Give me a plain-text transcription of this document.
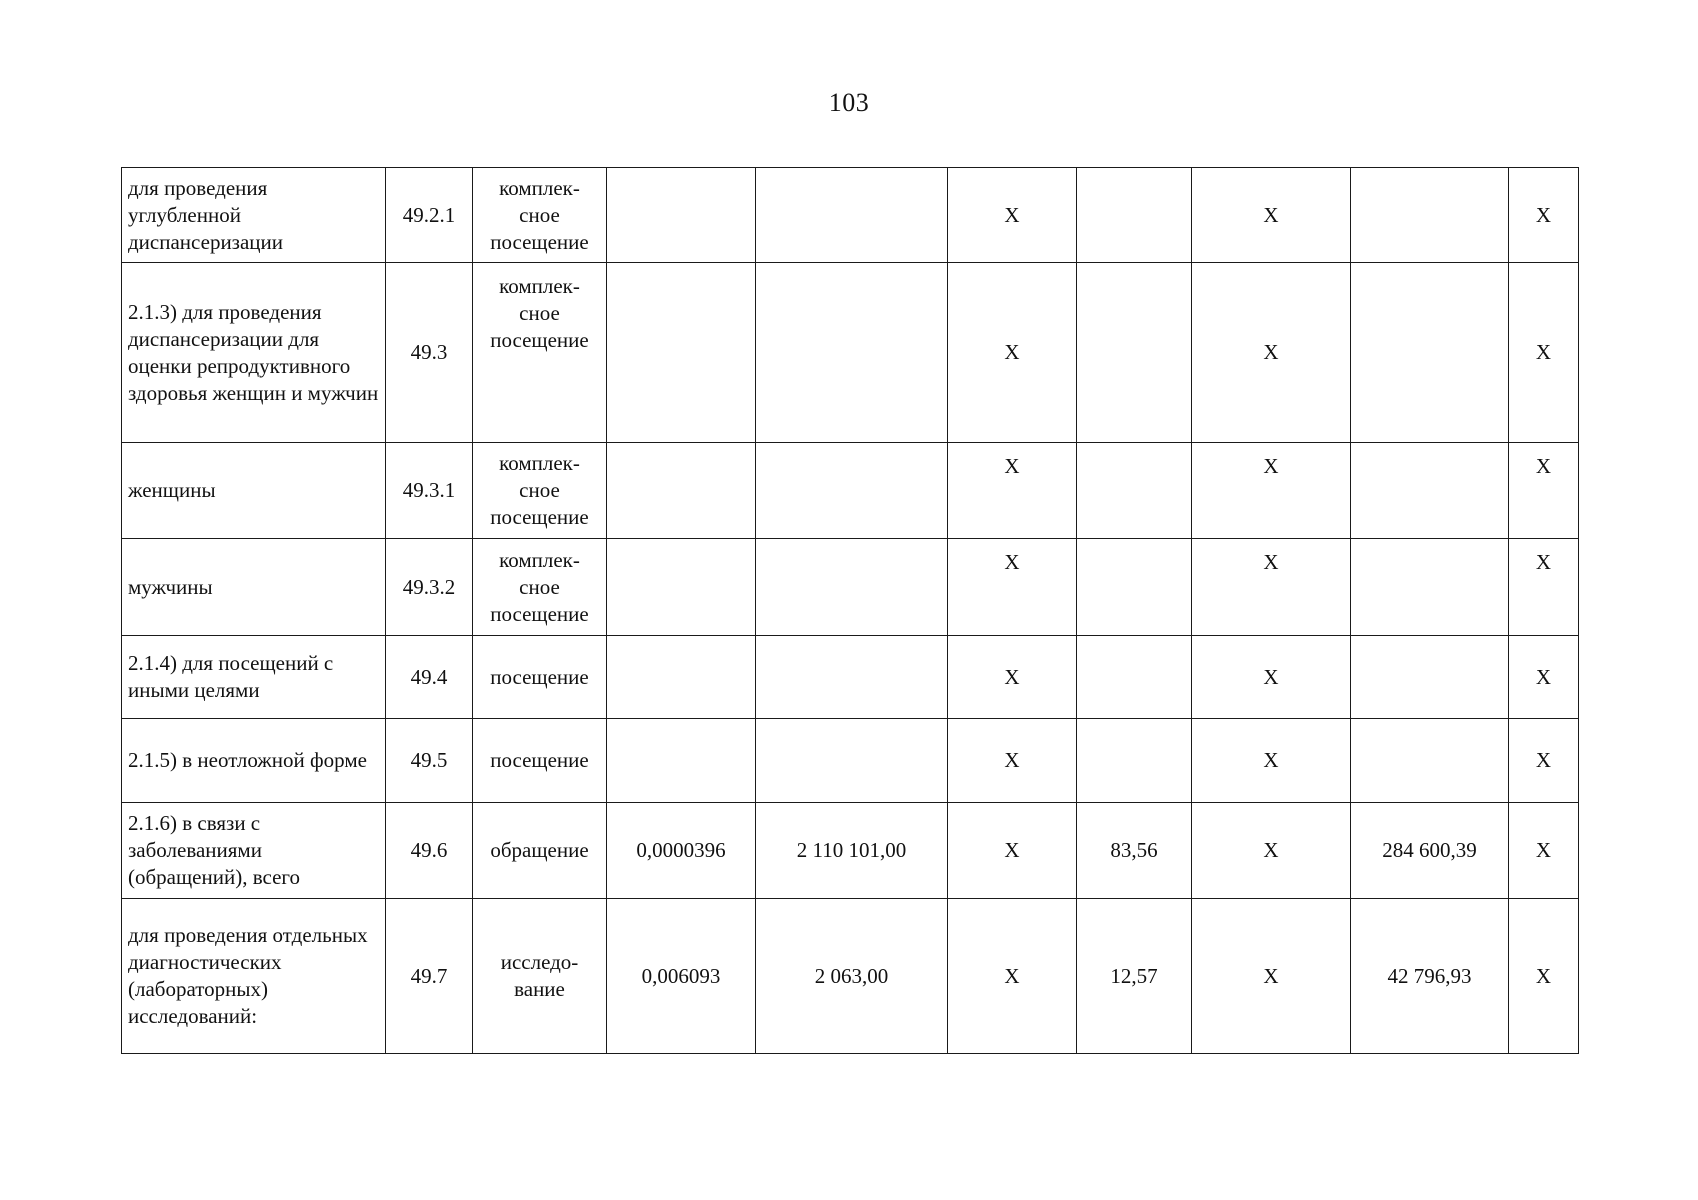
103
для проведения углубленной диспансеризации	49.2.1	комплек-
сное
посещение			X		X		X
2.1.3) для проведения диспансеризации для оценки репродуктивного здоровья женщин и мужчин	49.3	комплек-
сное
посещение			X		X		X
женщины	49.3.1	комплек-
сное
посещение			X		X		X
мужчины	49.3.2	комплек-
сное
посещение			X		X		X
2.1.4) для посещений с иными целями	49.4	посещение			X		X		X
2.1.5) в неотложной форме	49.5	посещение			X		X		X
2.1.6) в связи с заболеваниями (обращений), всего	49.6	обращение	0,0000396	2 110 101,00	X	83,56	X	284 600,39	X
для проведения отдельных диагностических (лабораторных) исследований:	49.7	исследо-
вание	0,006093	2 063,00	X	12,57	X	42 796,93	X
